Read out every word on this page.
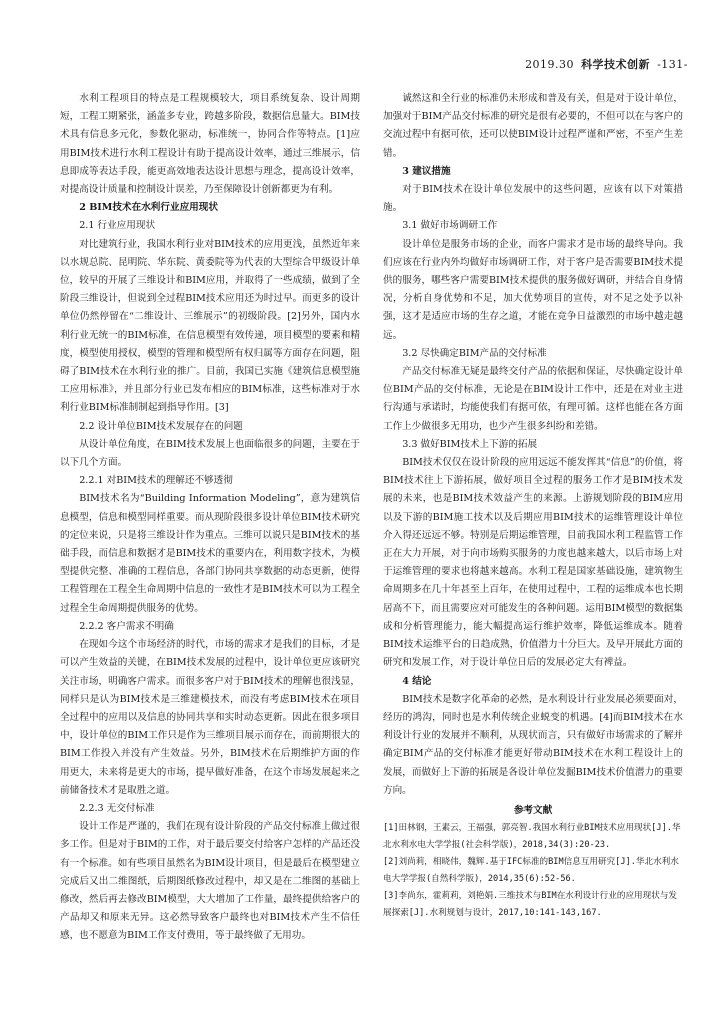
2019.30 科学技术创新 -131-

水利工程项目的特点是工程规模较大，项目系统复杂、设计周期短，工程工期紧张，涵盖多专业，跨越多阶段，数据信息量大。BIM技术具有信息多元化，参数化驱动，标准统一，协同合作等特点。[1]应用BIM技术进行水利工程设计有助于提高设计效率，通过三维展示，信息即成等表达手段，能更高效地表达设计思想与理念，提高设计效率，对提高设计质量和控制设计误差，乃至保障设计创新都更为有利。

2 BIM技术在水利行业应用现状
2.1 行业应用现状

对比建筑行业，我国水利行业对BIM技术的应用更浅，虽然近年来以水规总院、昆明院、华东院、黄委院等为代表的大型综合甲级设计单位，较早的开展了三维设计和BIM应用，并取得了一些成绩，做到了全阶段三维设计，但说到全过程BIM技术应用还为时过早。而更多的设计单位仍然停留在“二维设计、三维展示”的初级阶段。[2]另外，国内水利行业无统一的BIM标准，在信息模型有效传递，项目模型的要素和精度，模型使用授权，模型的管理和模型所有权归属等方面存在问题，阻碍了BIM技术在水利行业的推广。目前，我国已实施《建筑信息模型施工应用标准》，并且部分行业已发布相应的BIM标准，这些标准对于水利行业BIM标准制制起到指导作用。[3]

2.2 设计单位BIM技术发展存在的问题

从设计单位角度，在BIM技术发展上也面临很多的问题，主要在于以下几个方面。

2.2.1 对BIM技术的理解还不够透彻

BIM技术名为“Building Information Modeling”，意为建筑信息模型，信息和模型同样重要。而从现阶段很多设计单位BIM技术研究的定位来说，只是将三维设计作为重点。三维可以说只是BIM技术的基础手段，而信息和数据才是BIM技术的重要内在，利用数字技术，为模型提供完整、准确的工程信息，各部门协同共享数据的动态更新，使得工程管理在工程全生命周期中信息的一致性才是BIM技术可以为工程全过程全生命周期提供服务的优势。

2.2.2 客户需求不明确

在现如今这个市场经济的时代，市场的需求才是我们的目标，才是可以产生效益的关键，在BIM技术发展的过程中，设计单位更应该研究关注市场，明确客户需求。而很多客户对于BIM技术的理解也很浅显，同样只是认为BIM技术是三维建模技术，而没有考虑BIM技术在项目全过程中的应用以及信息的协同共享和实时动态更新。因此在很多项目中，设计单位的BIM工作只是作为三维项目展示而存在，而前期很大的BIM工作投入并没有产生效益。另外，BIM技术在后期维护方面的作用更大，未来将是更大的市场，提早做好准备，在这个市场发展起来之前储备技术才是取胜之道。

2.2.3 无交付标准

设计工作是严谨的，我们在现有设计阶段的产品交付标准上做过很多工作。但是对于BIM的工作，对于最后要交付给客户怎样的产品还没有一个标准。如有些项目虽然名为BIM设计项目，但是最后在模型建立完成后又出二维图纸，后期图纸修改过程中，却又是在二维图的基础上修改，然后再去修改BIM模型，大大增加了工作量，最终提供给客户的产品却又和原来无异。这必然导致客户最终也对BIM技术产生不信任感，也不愿意为BIM工作支付费用，等于最终做了无用功。

诚然这和全行业的标准仍未形成和普及有关，但是对于设计单位，加强对于BIM产品交付标准的研究是很有必要的，不但可以在与客户的交流过程中有据可依，还可以使BIM设计过程严谨和严密，不至产生差错。

3 建议措施

对于BIM技术在设计单位发展中的这些问题，应该有以下对策措施。

3.1 做好市场调研工作

设计单位是服务市场的企业，而客户需求才是市场的最终导向。我们应该在行业内外均做好市场调研工作，对于客户是否需要BIM技术提供的服务，哪些客户需要BIM技术提供的服务做好调研，并结合自身情况，分析自身优势和不足，加大优势项目的宣传，对不足之处予以补强，这才是适应市场的生存之道，才能在竞争日益激烈的市场中越走越远。

3.2 尽快确定BIM产品的交付标准

产品交付标准无疑是最终交付产品的依据和保证，尽快确定设计单位BIM产品的交付标准，无论是在BIM设计工作中，还是在对业主进行沟通与承诺时，均能使我们有据可依，有理可循。这样也能在各方面工作上少做很多无用功，也少产生很多纠纷和差错。

3.3 做好BIM技术上下游的拓展

BIM技术仅仅在设计阶段的应用远远不能发挥其“信息”的价值，将BIM技术往上下游拓展，做好项目全过程的服务工作才是BIM技术发展的未来，也是BIM技术效益产生的来源。上游规划阶段的BIM应用以及下游的BIM施工技术以及后期应用BIM技术的运维管理设计单位介入得还远远不够。特别是后期运维管理，目前我国水利工程监管工作正在大力开展，对于向市场购买服务的力度也越来越大，以后市场上对于运维管理的要求也将越来越高。水利工程是国家基础设施，建筑物生命周期多在几十年甚至上百年，在使用过程中，工程的运维成本也长期居高不下，而且需要应对可能发生的各种问题。运用BIM模型的数据集成和分析管理能力，能大幅提高运行维护效率，降低运维成本。随着BIM技术运维平台的日趋成熟，价值潜力十分巨大。及早开展此方面的研究和发展工作，对于设计单位日后的发展必定大有裨益。

4 结论

BIM技术是数字化革命的必然，是水利设计行业发展必须要面对，经历的鸿沟，同时也是水利传统企业蜕变的机遇。[4]而BIM技术在水利设计行业的发展并不顺利，从现状而言，只有做好市场需求的了解并确定BIM产品的交付标准才能更好带动BIM技术在水利工程设计上的发展，而做好上下游的拓展是各设计单位发掘BIM技术价值潜力的重要方向。

参考文献
[1]田林钢，王素云，王福强，郭亮智.我国水利行业BIM技术应用现状[J].华北水利水电大学学报(社会科学版)，2018,34(3):20-23.
[2]刘尚莉，相晓伟，魏辉.基于IFC标准的BIM信息互用研究[J].华北水利水电大学学报(自然科学版)，2014,35(6):52-56.
[3]李尚东，霍莉莉，刘艳娟.三维技术与BIM在水利设计行业的应用现状与发展探索[J].水利规划与设计，2017,10:141-143,167.
